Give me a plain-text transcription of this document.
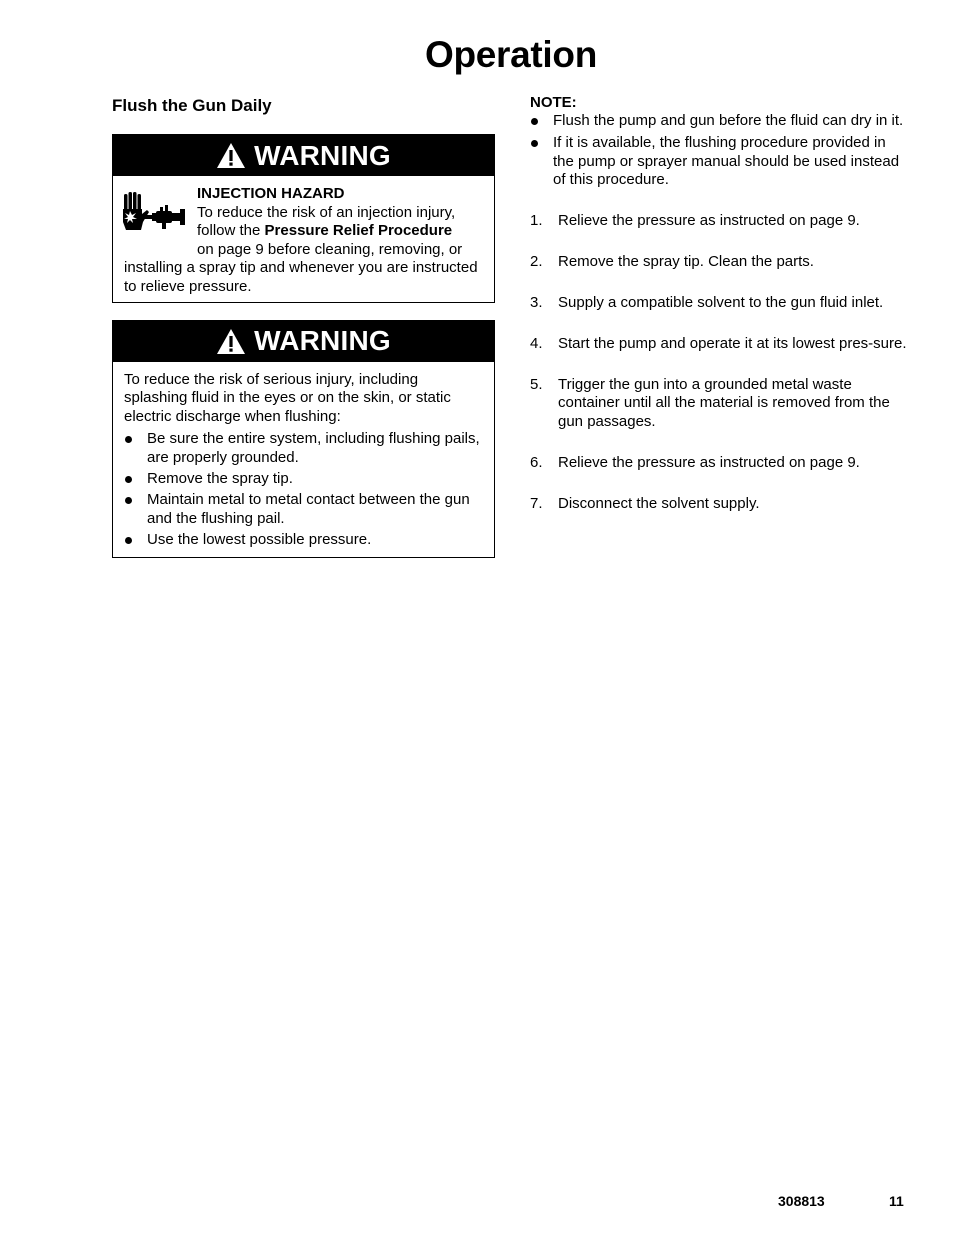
Operation
Flush the Gun Daily
WARNING
INJECTION HAZARD

To reduce the risk of an injection injury, follow the Pressure Relief Procedure
on page 9 before cleaning, removing, or installing a spray tip and whenever you are instructed to relieve pressure.
WARNING

To reduce the risk of serious injury, including splashing fluid in the eyes or on the skin, or static electric discharge when flushing:

Be sure the entire system, including flushing pails, are properly grounded.
Remove the spray tip.
Maintain metal to metal contact between the gun and the flushing pail.
Use the lowest possible pressure.

NOTE:

Flush the pump and gun before the fluid can dry in it.
If it is available, the flushing procedure provided in the pump or sprayer manual should be used instead of this procedure.
1. Relieve the pressure as instructed on page 9.
2. Remove the spray tip. Clean the parts.
3. Supply a compatible solvent to the gun fluid inlet.
4. Start the pump and operate it at its lowest pres-sure.
5. Trigger the gun into a grounded metal waste container until all the material is removed from the gun passages.
6. Relieve the pressure as instructed on page 9.
7. Disconnect the solvent supply.
308813	11
